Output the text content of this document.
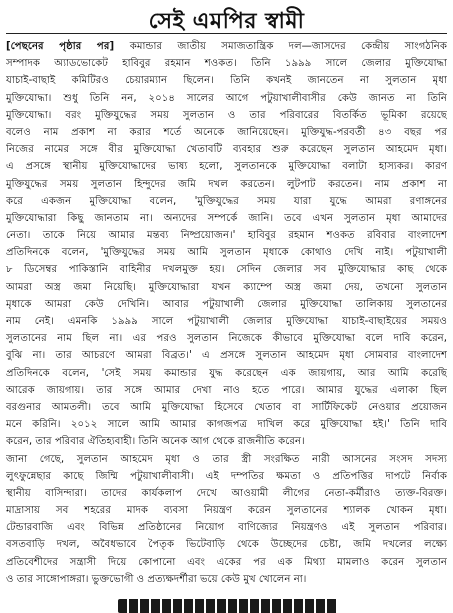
সেই এমপির স্বামী
[পেছনের পৃষ্ঠার পর] কমান্ডার জাতীয় সমাজতান্ত্রিক দল—জাসদের কেন্দ্রীয় সাংগঠনিক
সম্পাদক অ্যাডভোকেট হাবিবুর রহমান শওকত। তিনি ১৯৯৯ সালে জেলার মুক্তিযোদ্ধা
যাচাই-বাছাই কমিটিরও চেয়ারম্যান ছিলেন। তিনি কখনই জানতেন না সুলতান মৃধা
মুক্তিযোদ্ধা। শুধু তিনি নন, ২০১৪ সালের আগে পটুয়াখালীবাসীর কেউ জানত না তিনি
মুক্তিযোদ্ধা। বরং মুক্তিযুদ্ধের সময় সুলতান ও তার পরিবারের বিতর্কিত ভূমিকা রয়েছে
বলেও নাম প্রকাশ না করার শর্তে অনেকে জানিয়েছেন। মুক্তিযুদ্ধ-পরবর্তী ৪৩ বছর পর
নিজের নামের সঙ্গে বীর মুক্তিযোদ্ধা খেতাবটি ব্যবহার শুরু করেছেন সুলতান আহমেদ মৃধা।
এ প্রসঙ্গে স্থানীয় মুক্তিযোদ্ধাদের ভাষ্য হলো, সুলতানকে মুক্তিযোদ্ধা বলাটা হাস্যকর। কারণ
মুক্তিযুদ্ধের সময় সুলতান হিন্দুদের জমি দখল করতেন। লুটপাট করতেন। নাম প্রকাশ না
করে একজন মুক্তিযোদ্ধা বলেন, 'মুক্তিযুদ্ধের সময় যারা যুদ্ধে আমরা রণাঙ্গনের
মুক্তিযোদ্ধারা কিছু জানতাম না। অন্যদের সম্পর্কে জানি। তবে এখন সুলতান মৃধা আমাদের
নেতা। তাকে নিয়ে আমার মন্তব্য নিষ্প্রয়োজন।' হাবিবুর রহমান শওকত রবিবার বাংলাদেশ
প্রতিদিনকে বলেন, 'মুক্তিযুদ্ধের সময় আমি সুলতান মৃধাকে কোথাও দেখি নাই। পটুয়াখালী
৮ ডিসেম্বর পাকিস্তানি বাহিনীর দখলমুক্ত হয়। সেদিন জেলার সব মুক্তিযোদ্ধার কাছ থেকে
আমরা অস্ত্র জমা নিয়েছি। মুক্তিযোদ্ধারা যখন ক্যাম্পে অস্ত্র জমা দেয়, তখনো সুলতান
মৃধাকে আমরা কেউ দেখিনি। আবার পটুয়াখালী জেলার মুক্তিযোদ্ধা তালিকায় সুলতানের
নাম নেই। এমনকি ১৯৯৯ সালে পটুয়াখালী জেলার মুক্তিযোদ্ধা যাচাই-বাছাইয়ের সময়ও
সুলতানের নাম ছিল না। এর পরও সুলতান নিজেকে কীভাবে মুক্তিযোদ্ধা বলে দাবি করেন,
বুঝি না। তার আচরণে আমরা বিব্রত।' এ প্রসঙ্গে সুলতান আহমেদ মৃধা সোমবার বাংলাদেশ
প্রতিদিনকে বলেন, 'সেই সময় কমান্ডার যুদ্ধ করেছেন এক জায়গায়, আর আমি করেছি
আরেক জায়গায়। তার সঙ্গে আমার দেখা নাও হতে পারে। আমার যুদ্ধের এলাকা ছিল
বরগুনার আমতলী। তবে আমি মুক্তিযোদ্ধা হিসেবে খেতাব বা সার্টিফিকেট নেওয়ার প্রয়োজন
মনে করিনি। ২০১২ সালে আমি আমার কাগজপত্র দাখিল করে মুক্তিযোদ্ধা হই।' তিনি দাবি
করেন, তার পরিবার ঐতিহ্যবাহী। তিনি অনেক আগ থেকে রাজনীতি করেন।
জানা গেছে, সুলতান আহমেদ মৃধা ও তার স্ত্রী সংরক্ষিত নারী আসনের সংসদ সদস্য
লুৎফুন্নেছার কাছে জিম্মি পটুয়াখালীবাসী। এই দম্পতির ক্ষমতা ও প্রতিপত্তির দাপটে নির্বাক
স্থানীয় বাসিন্দারা। তাদের কার্যকলাপ দেখে আওয়ামী লীগের নেতা-কর্মীরাও ত্যক্ত-বিরক্ত।
মাদ্রাসায় সব শহরের মাদক ব্যবসা নিয়ন্ত্রণ করেন সুলতানের শ্যালক খোকন মৃধা।
টেন্ডারবাজি এবং বিভিন্ন প্রতিষ্ঠানের নিয়োগ বাণিজ্যের নিয়ন্ত্রণও এই সুলতান পরিবার।
বসতবাড়ি দখল, অবৈধভাবে পৈতৃক ভিটেবাড়ি থেকে উচ্ছেদের চেষ্টা, জমি দখলের লক্ষ্যে
প্রতিবেশীদের সন্ত্রাসী দিয়ে কোপানো এবং একের পর এক মিথ্যা মামলাও করেন সুলতান
ও তার সাঙ্গোপাঙ্গরা। ভুক্তভোগী ও প্রত্যক্ষদর্শীরা ভয়ে কেউ মুখ খোলেন না।
